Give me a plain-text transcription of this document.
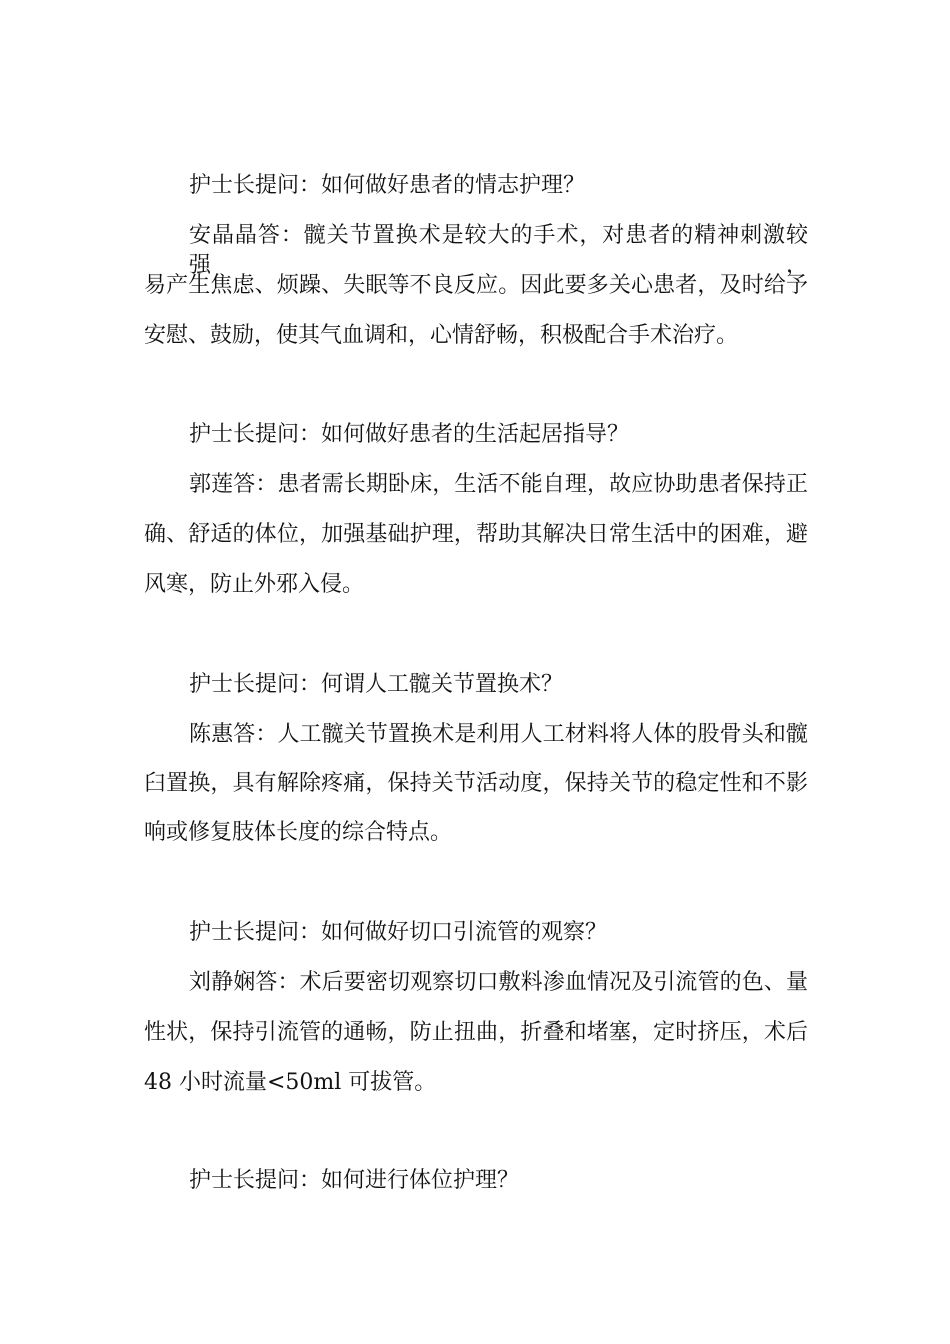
护士长提问：如何做好患者的情志护理？
安晶晶答：髋关节置换术是较大的手术，对患者的精神刺激较强，
易产生焦虑、烦躁、失眠等不良反应。因此要多关心患者，及时给予
安慰、鼓励，使其气血调和，心情舒畅，积极配合手术治疗。
护士长提问：如何做好患者的生活起居指导？
郭莲答：患者需长期卧床，生活不能自理，故应协助患者保持正
确、舒适的体位，加强基础护理，帮助其解决日常生活中的困难，避
风寒，防止外邪入侵。
护士长提问：何谓人工髋关节置换术？
陈惠答：人工髋关节置换术是利用人工材料将人体的股骨头和髋
臼置换，具有解除疼痛，保持关节活动度，保持关节的稳定性和不影
响或修复肢体长度的综合特点。
护士长提问：如何做好切口引流管的观察？
刘静娴答：术后要密切观察切口敷料渗血情况及引流管的色、量
性状，保持引流管的通畅，防止扭曲，折叠和堵塞，定时挤压，术后
48 小时流量<50ml 可拔管。
护士长提问：如何进行体位护理？
